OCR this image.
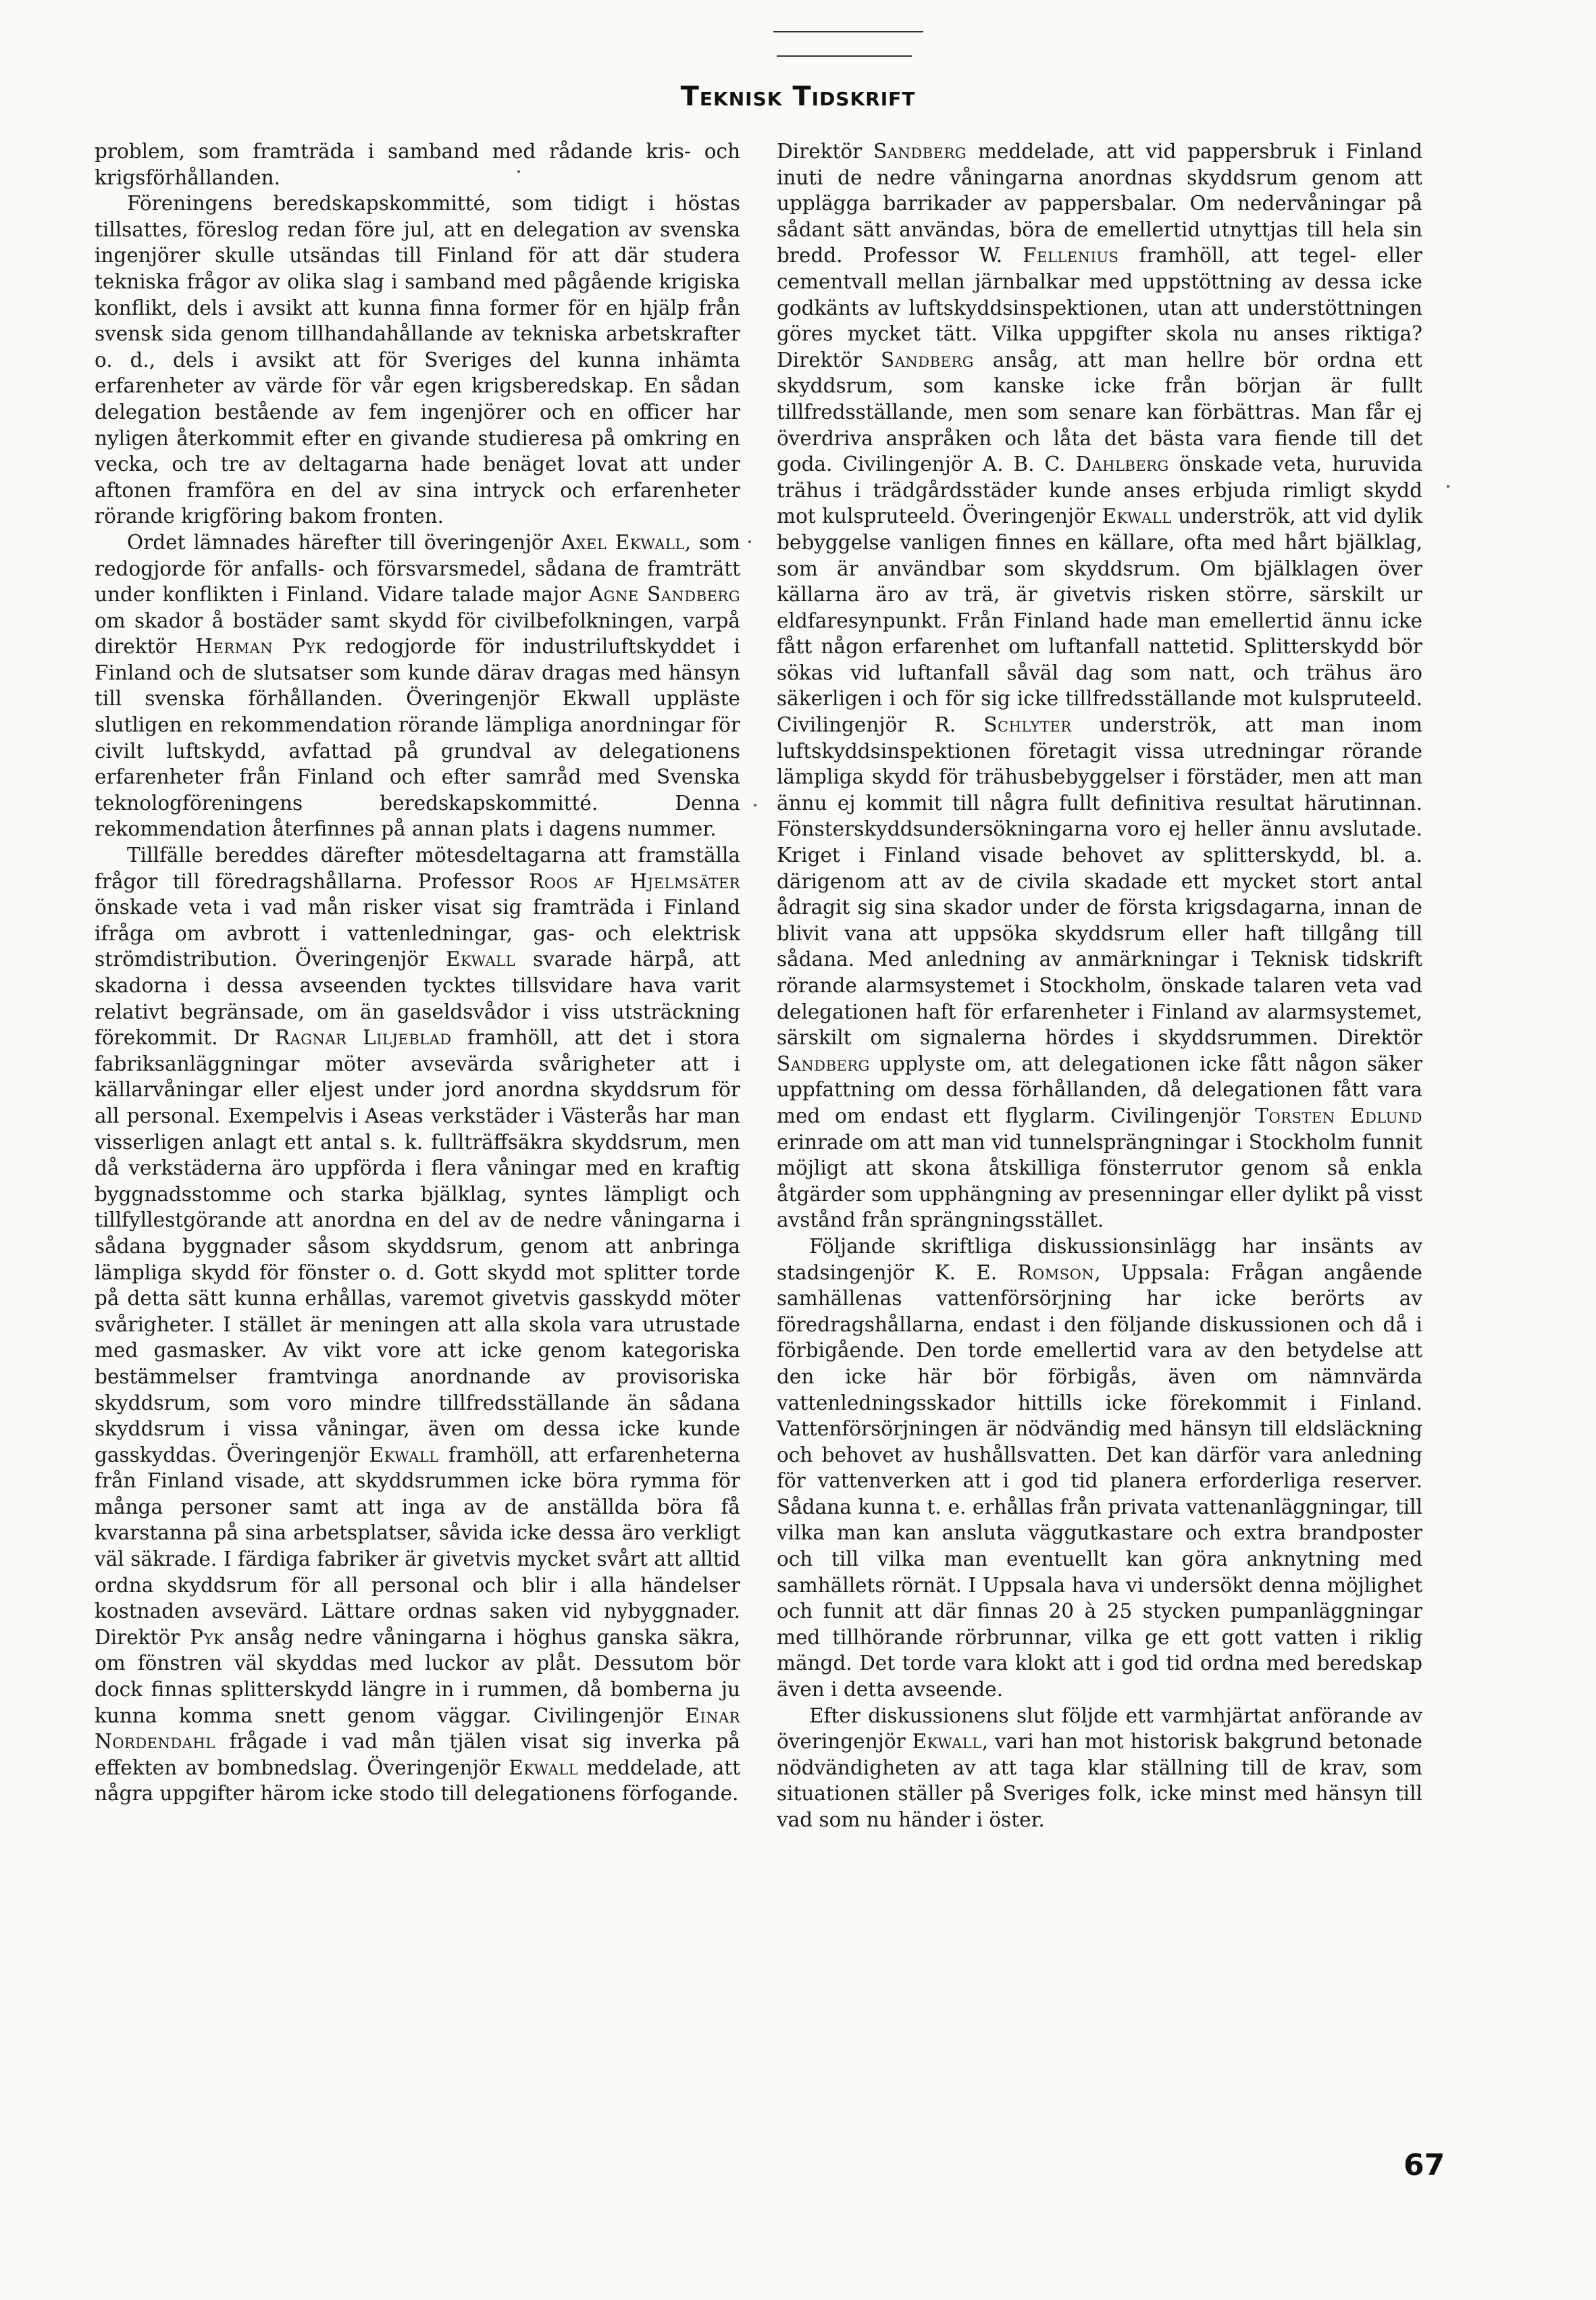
Teknisk Tidskrift

problem, som framträda i samband med rådande kris- och krigsförhållanden.

Föreningens beredskapskommitté, som tidigt i höstas tillsattes, föreslog redan före jul, att en delegation av svenska ingenjörer skulle utsändas till Finland för att där studera tekniska frågor av olika slag i samband med pågående krigiska konflikt, dels i avsikt att kunna finna former för en hjälp från svensk sida genom tillhandahållande av tekniska arbetskrafter o. d., dels i avsikt att för Sveriges del kunna inhämta erfarenheter av värde för vår egen krigsberedskap. En sådan delegation bestående av fem ingenjörer och en officer har nyligen återkommit efter en givande studieresa på omkring en vecka, och tre av deltagarna hade benäget lovat att under aftonen framföra en del av sina intryck och erfarenheter rörande krigföring bakom fronten.

Ordet lämnades härefter till överingenjör Axel Ekwall, som redogjorde för anfalls- och försvarsmedel, sådana de framträtt under konflikten i Finland. Vidare talade major Agne Sandberg om skador å bostäder samt skydd för civilbefolkningen, varpå direktör Herman Pyk redogjorde för industriluftskyddet i Finland och de slutsatser som kunde därav dragas med hänsyn till svenska förhållanden. Överingenjör Ekwall uppläste slutligen en rekommendation rörande lämpliga anordningar för civilt luftskydd, avfattad på grundval av delegationens erfarenheter från Finland och efter samråd med Svenska teknologföreningens beredskapskommitté. Denna rekommendation återfinnes på annan plats i dagens nummer.

Tillfälle bereddes därefter mötesdeltagarna att framställa frågor till föredragshållarna. Professor Roos af Hjelmsäter önskade veta i vad mån risker visat sig framträda i Finland ifråga om avbrott i vattenledningar, gas- och elektrisk strömdistribution. Överingenjör Ekwall svarade härpå, att skadorna i dessa avseenden tycktes tillsvidare hava varit relativt begränsade, om än gaseldsvådor i viss utsträckning förekommit. Dr Ragnar Liljeblad framhöll, att det i stora fabriksanläggningar möter avsevärda svårigheter att i källarvåningar eller eljest under jord anordna skyddsrum för all personal. Exempelvis i Aseas verkstäder i Västerås har man visserligen anlagt ett antal s. k. fullträffsäkra skyddsrum, men då verkstäderna äro uppförda i flera våningar med en kraftig byggnadsstomme och starka bjälklag, syntes lämpligt och tillfyllestgörande att anordna en del av de nedre våningarna i sådana byggnader såsom skyddsrum, genom att anbringa lämpliga skydd för fönster o. d. Gott skydd mot splitter torde på detta sätt kunna erhållas, varemot givetvis gasskydd möter svårigheter. I stället är meningen att alla skola vara utrustade med gasmasker. Av vikt vore att icke genom kategoriska bestämmelser framtvinga anordnande av provisoriska skyddsrum, som voro mindre tillfredsställande än sådana skyddsrum i vissa våningar, även om dessa icke kunde gasskyddas. Överingenjör Ekwall framhöll, att erfarenheterna från Finland visade, att skyddsrummen icke böra rymma för många personer samt att inga av de anställda böra få kvarstanna på sina arbetsplatser, såvida icke dessa äro verkligt väl säkrade. I färdiga fabriker är givetvis mycket svårt att alltid ordna skyddsrum för all personal och blir i alla händelser kostnaden avsevärd. Lättare ordnas saken vid nybyggnader. Direktör Pyk ansåg nedre våningarna i höghus ganska säkra, om fönstren väl skyddas med luckor av plåt. Dessutom bör dock finnas splitterskydd längre in i rummen, då bomberna ju kunna komma snett genom väggar. Civilingenjör Einar Nordendahl frågade i vad mån tjälen visat sig inverka på effekten av bombnedslag. Överingenjör Ekwall meddelade, att några uppgifter härom icke stodo till delegationens förfogande.

Direktör Sandberg meddelade, att vid pappersbruk i Finland inuti de nedre våningarna anordnas skyddsrum genom att upplägga barrikader av pappersbalar. Om nedervåningar på sådant sätt användas, böra de emellertid utnyttjas till hela sin bredd. Professor W. Fellenius framhöll, att tegel- eller cementvall mellan järnbalkar med uppstöttning av dessa icke godkänts av luftskyddsinspektionen, utan att understöttningen göres mycket tätt. Vilka uppgifter skola nu anses riktiga? Direktör Sandberg ansåg, att man hellre bör ordna ett skyddsrum, som kanske icke från början är fullt tillfredsställande, men som senare kan förbättras. Man får ej överdriva anspråken och låta det bästa vara fiende till det goda. Civilingenjör A. B. C. Dahlberg önskade veta, huruvida trähus i trädgårdsstäder kunde anses erbjuda rimligt skydd mot kulspruteeld. Överingenjör Ekwall underströk, att vid dylik bebyggelse vanligen finnes en källare, ofta med hårt bjälklag, som är användbar som skyddsrum. Om bjälklagen över källarna äro av trä, är givetvis risken större, särskilt ur eldfaresynpunkt. Från Finland hade man emellertid ännu icke fått någon erfarenhet om luftanfall nattetid. Splitterskydd bör sökas vid luftanfall såväl dag som natt, och trähus äro säkerligen i och för sig icke tillfredsställande mot kulspruteeld. Civilingenjör R. Schlyter underströk, att man inom luftskyddsinspektionen företagit vissa utredningar rörande lämpliga skydd för trähusbebyggelser i förstäder, men att man ännu ej kommit till några fullt definitiva resultat härutinnan. Fönsterskyddsundersökningarna voro ej heller ännu avslutade. Kriget i Finland visade behovet av splitterskydd, bl. a. därigenom att av de civila skadade ett mycket stort antal ådragit sig sina skador under de första krigsdagarna, innan de blivit vana att uppsöka skyddsrum eller haft tillgång till sådana. Med anledning av anmärkningar i Teknisk tidskrift rörande alarmsystemet i Stockholm, önskade talaren veta vad delegationen haft för erfarenheter i Finland av alarmsystemet, särskilt om signalerna hördes i skyddsrummen. Direktör Sandberg upplyste om, att delegationen icke fått någon säker uppfattning om dessa förhållanden, då delegationen fått vara med om endast ett flyglarm. Civilingenjör Torsten Edlund erinrade om att man vid tunnelsprängningar i Stockholm funnit möjligt att skona åtskilliga fönsterrutor genom så enkla åtgärder som upphängning av presenningar eller dylikt på visst avstånd från sprängningsstället.

Följande skriftliga diskussionsinlägg har insänts av stadsingenjör K. E. Romson, Uppsala: Frågan angående samhällenas vattenförsörjning har icke berörts av föredragshållarna, endast i den följande diskussionen och då i förbigående. Den torde emellertid vara av den betydelse att den icke här bör förbigås, även om nämnvärda vattenledningsskador hittills icke förekommit i Finland. Vattenförsörjningen är nödvändig med hänsyn till eldsläckning och behovet av hushållsvatten. Det kan därför vara anledning för vattenverken att i god tid planera erforderliga reserver. Sådana kunna t. e. erhållas från privata vattenanläggningar, till vilka man kan ansluta väggutkastare och extra brandposter och till vilka man eventuellt kan göra anknytning med samhällets rörnät. I Uppsala hava vi undersökt denna möjlighet och funnit att där finnas 20 à 25 stycken pumpanläggningar med tillhörande rörbrunnar, vilka ge ett gott vatten i riklig mängd. Det torde vara klokt att i god tid ordna med beredskap även i detta avseende.

Efter diskussionens slut följde ett varmhjärtat anförande av överingenjör Ekwall, vari han mot historisk bakgrund betonade nödvändigheten av att taga klar ställning till de krav, som situationen ställer på Sveriges folk, icke minst med hänsyn till vad som nu händer i öster.

67
